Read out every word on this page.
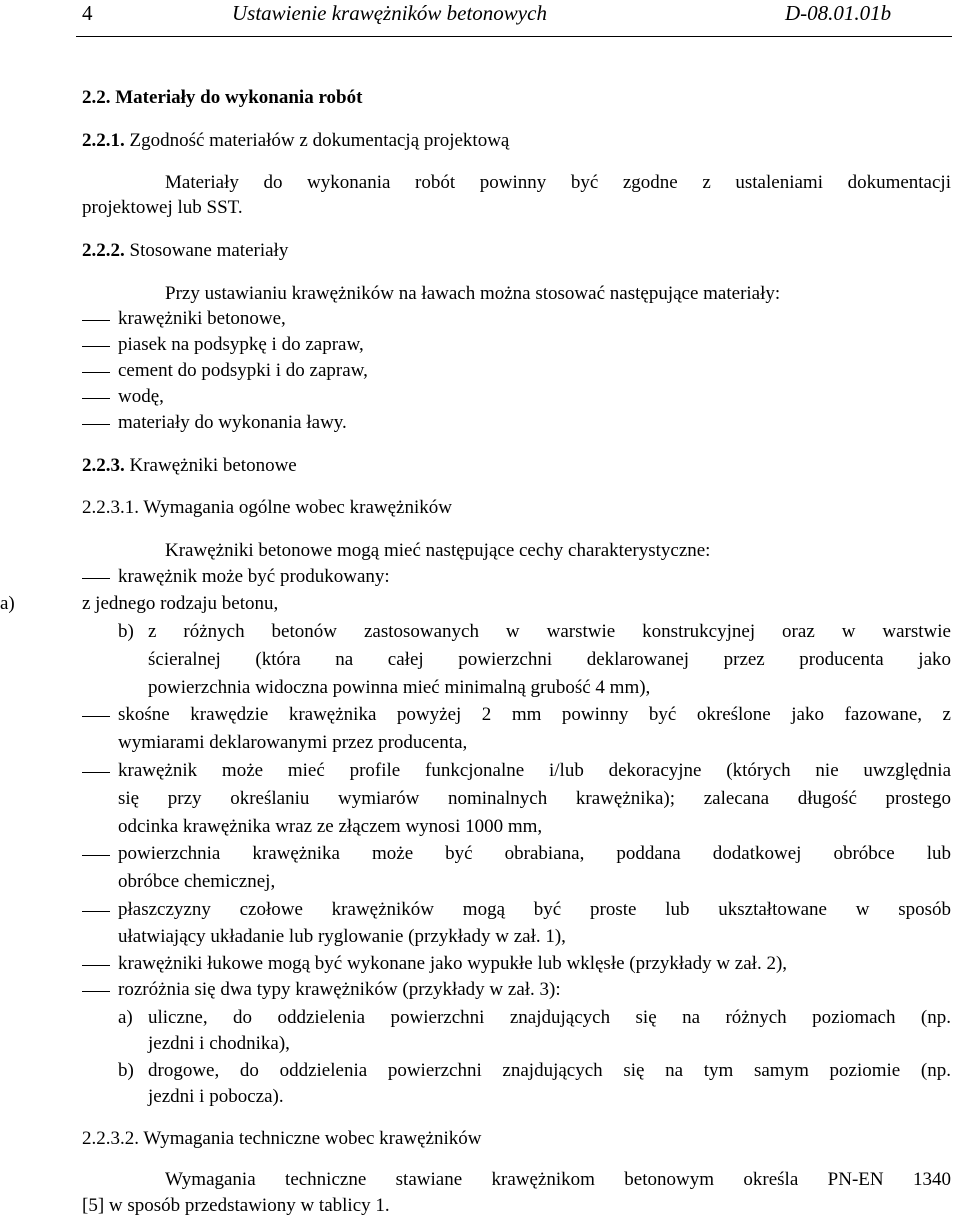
4	Ustawienie krawężników betonowych	D-08.01.01b
2.2. Materiały do wykonania robót
2.2.1. Zgodność materiałów z dokumentacją projektową
Materiały do wykonania robót powinny być zgodne z ustaleniami dokumentacji
projektowej lub SST.
2.2.2. Stosowane materiały
Przy ustawianiu krawężników na ławach można stosować następujące materiały:
krawężniki betonowe,
piasek na podsypkę i do zapraw,
cement do podsypki i do zapraw,
wodę,
materiały do wykonania ławy.
2.2.3. Krawężniki betonowe
2.2.3.1. Wymagania ogólne wobec krawężników
Krawężniki betonowe mogą mieć następujące cechy charakterystyczne:
krawężnik może być produkowany:
a)	z jednego rodzaju betonu,
b) z różnych betonów zastosowanych w warstwie konstrukcyjnej oraz w warstwie
ścieralnej (która na całej powierzchni deklarowanej przez producenta jako
powierzchnia widoczna powinna mieć minimalną grubość 4 mm),
skośne krawędzie krawężnika powyżej 2 mm powinny być określone jako fazowane, z
wymiarami deklarowanymi przez producenta,
krawężnik może mieć profile funkcjonalne i/lub dekoracyjne (których nie uwzględnia
się przy określaniu wymiarów nominalnych krawężnika); zalecana długość prostego
odcinka krawężnika wraz ze złączem wynosi 1000 mm,
powierzchnia krawężnika może być obrabiana, poddana dodatkowej obróbce lub
obróbce chemicznej,
płaszczyzny czołowe krawężników mogą być proste lub ukształtowane w sposób
ułatwiający układanie lub ryglowanie (przykłady w zał. 1),
krawężniki łukowe mogą być wykonane jako wypukłe lub wklęsłe (przykłady w zał. 2),
rozróżnia się dwa typy krawężników (przykłady w zał. 3):
a) uliczne, do oddzielenia powierzchni znajdujących się na różnych poziomach (np.
jezdni i chodnika),
b) drogowe, do oddzielenia powierzchni znajdujących się na tym samym poziomie (np.
jezdni i pobocza).
2.2.3.2. Wymagania techniczne wobec krawężników
Wymagania techniczne stawiane krawężnikom betonowym określa PN-EN 1340
[5] w sposób przedstawiony w tablicy 1.
